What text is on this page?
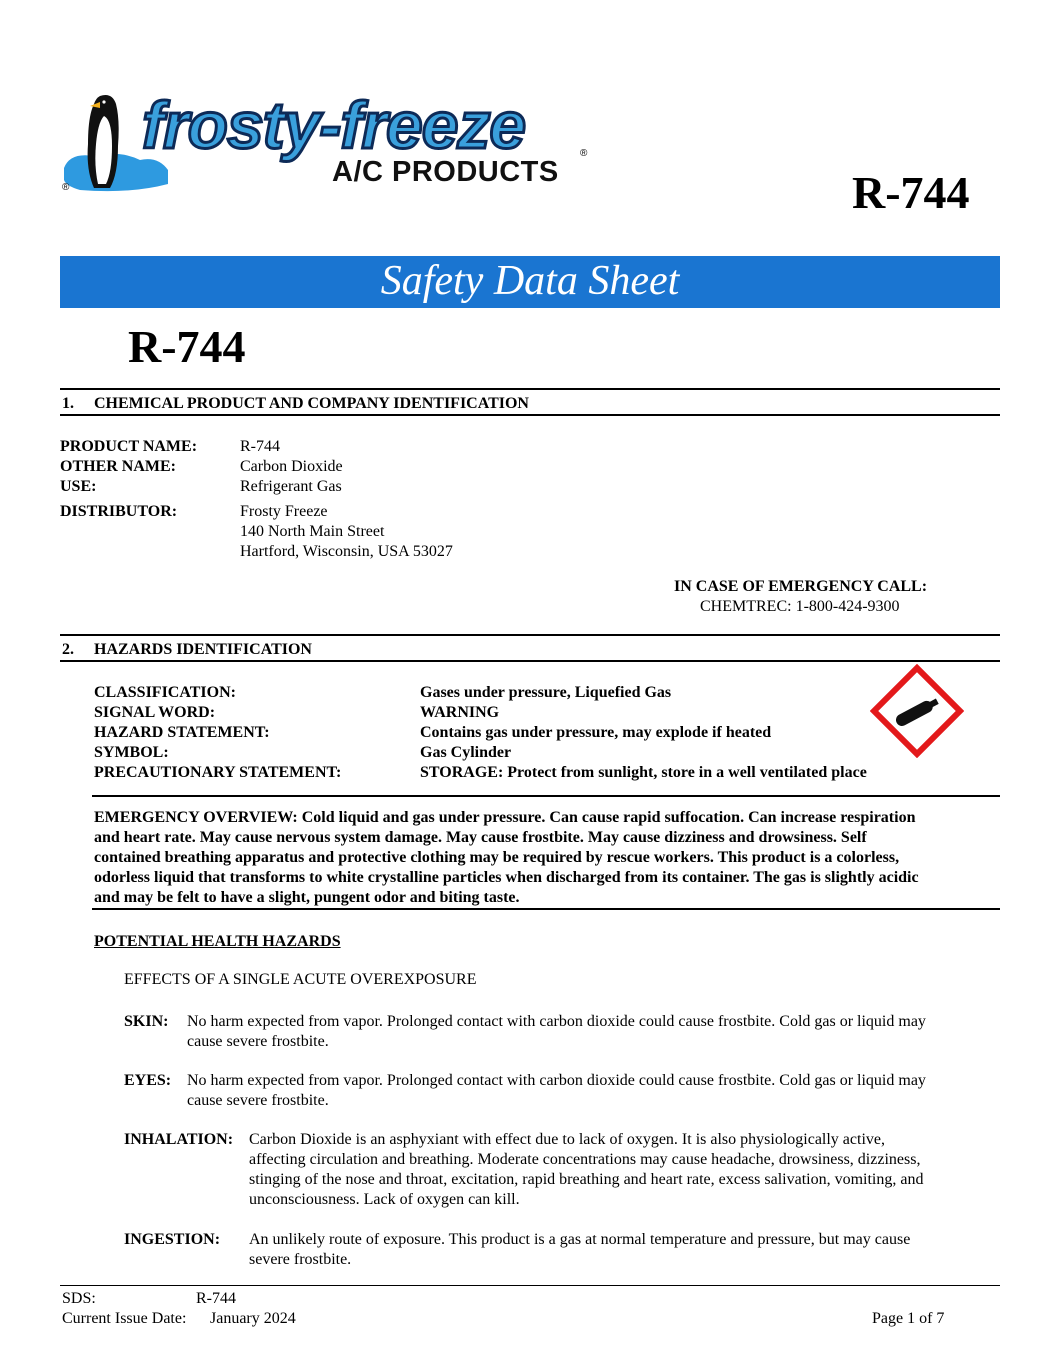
®
frosty-freeze	®
A/C PRODUCTS	R-744
Safety Data Sheet
R-744
1. CHEMICAL PRODUCT AND COMPANY IDENTIFICATION
PRODUCT NAME:	R-744
OTHER NAME:	Carbon Dioxide
USE:	Refrigerant Gas
DISTRIBUTOR:	Frosty Freeze
140 North Main Street
Hartford, Wisconsin, USA 53027
IN CASE OF EMERGENCY CALL:
CHEMTREC: 1-800-424-9300
2. HAZARDS IDENTIFICATION
CLASSIFICATION:	Gases under pressure, Liquefied Gas
SIGNAL WORD:	WARNING
HAZARD STATEMENT:	Contains gas under pressure, may explode if heated
SYMBOL:	Gas Cylinder
PRECAUTIONARY STATEMENT:	STORAGE: Protect from sunlight, store in a well ventilated place
EMERGENCY OVERVIEW: Cold liquid and gas under pressure. Can cause rapid suffocation. Can increase respiration
and heart rate. May cause nervous system damage. May cause frostbite. May cause dizziness and drowsiness. Self
contained breathing apparatus and protective clothing may be required by rescue workers. This product is a colorless,
odorless liquid that transforms to white crystalline particles when discharged from its container. The gas is slightly acidic
and may be felt to have a slight, pungent odor and biting taste.
POTENTIAL HEALTH HAZARDS
EFFECTS OF A SINGLE ACUTE OVEREXPOSURE
SKIN: No harm expected from vapor. Prolonged contact with carbon dioxide could cause frostbite. Cold gas or liquid may
cause severe frostbite.
EYES: No harm expected from vapor. Prolonged contact with carbon dioxide could cause frostbite. Cold gas or liquid may
cause severe frostbite.
INHALATION: Carbon Dioxide is an asphyxiant with effect due to lack of oxygen. It is also physiologically active,
affecting circulation and breathing. Moderate concentrations may cause headache, drowsiness, dizziness,
stinging of the nose and throat, excitation, rapid breathing and heart rate, excess salivation, vomiting, and
unconsciousness. Lack of oxygen can kill.
INGESTION: An unlikely route of exposure. This product is a gas at normal temperature and pressure, but may cause
severe frostbite.
SDS:	R-744
Current Issue Date: January 2024	Page 1 of 7
